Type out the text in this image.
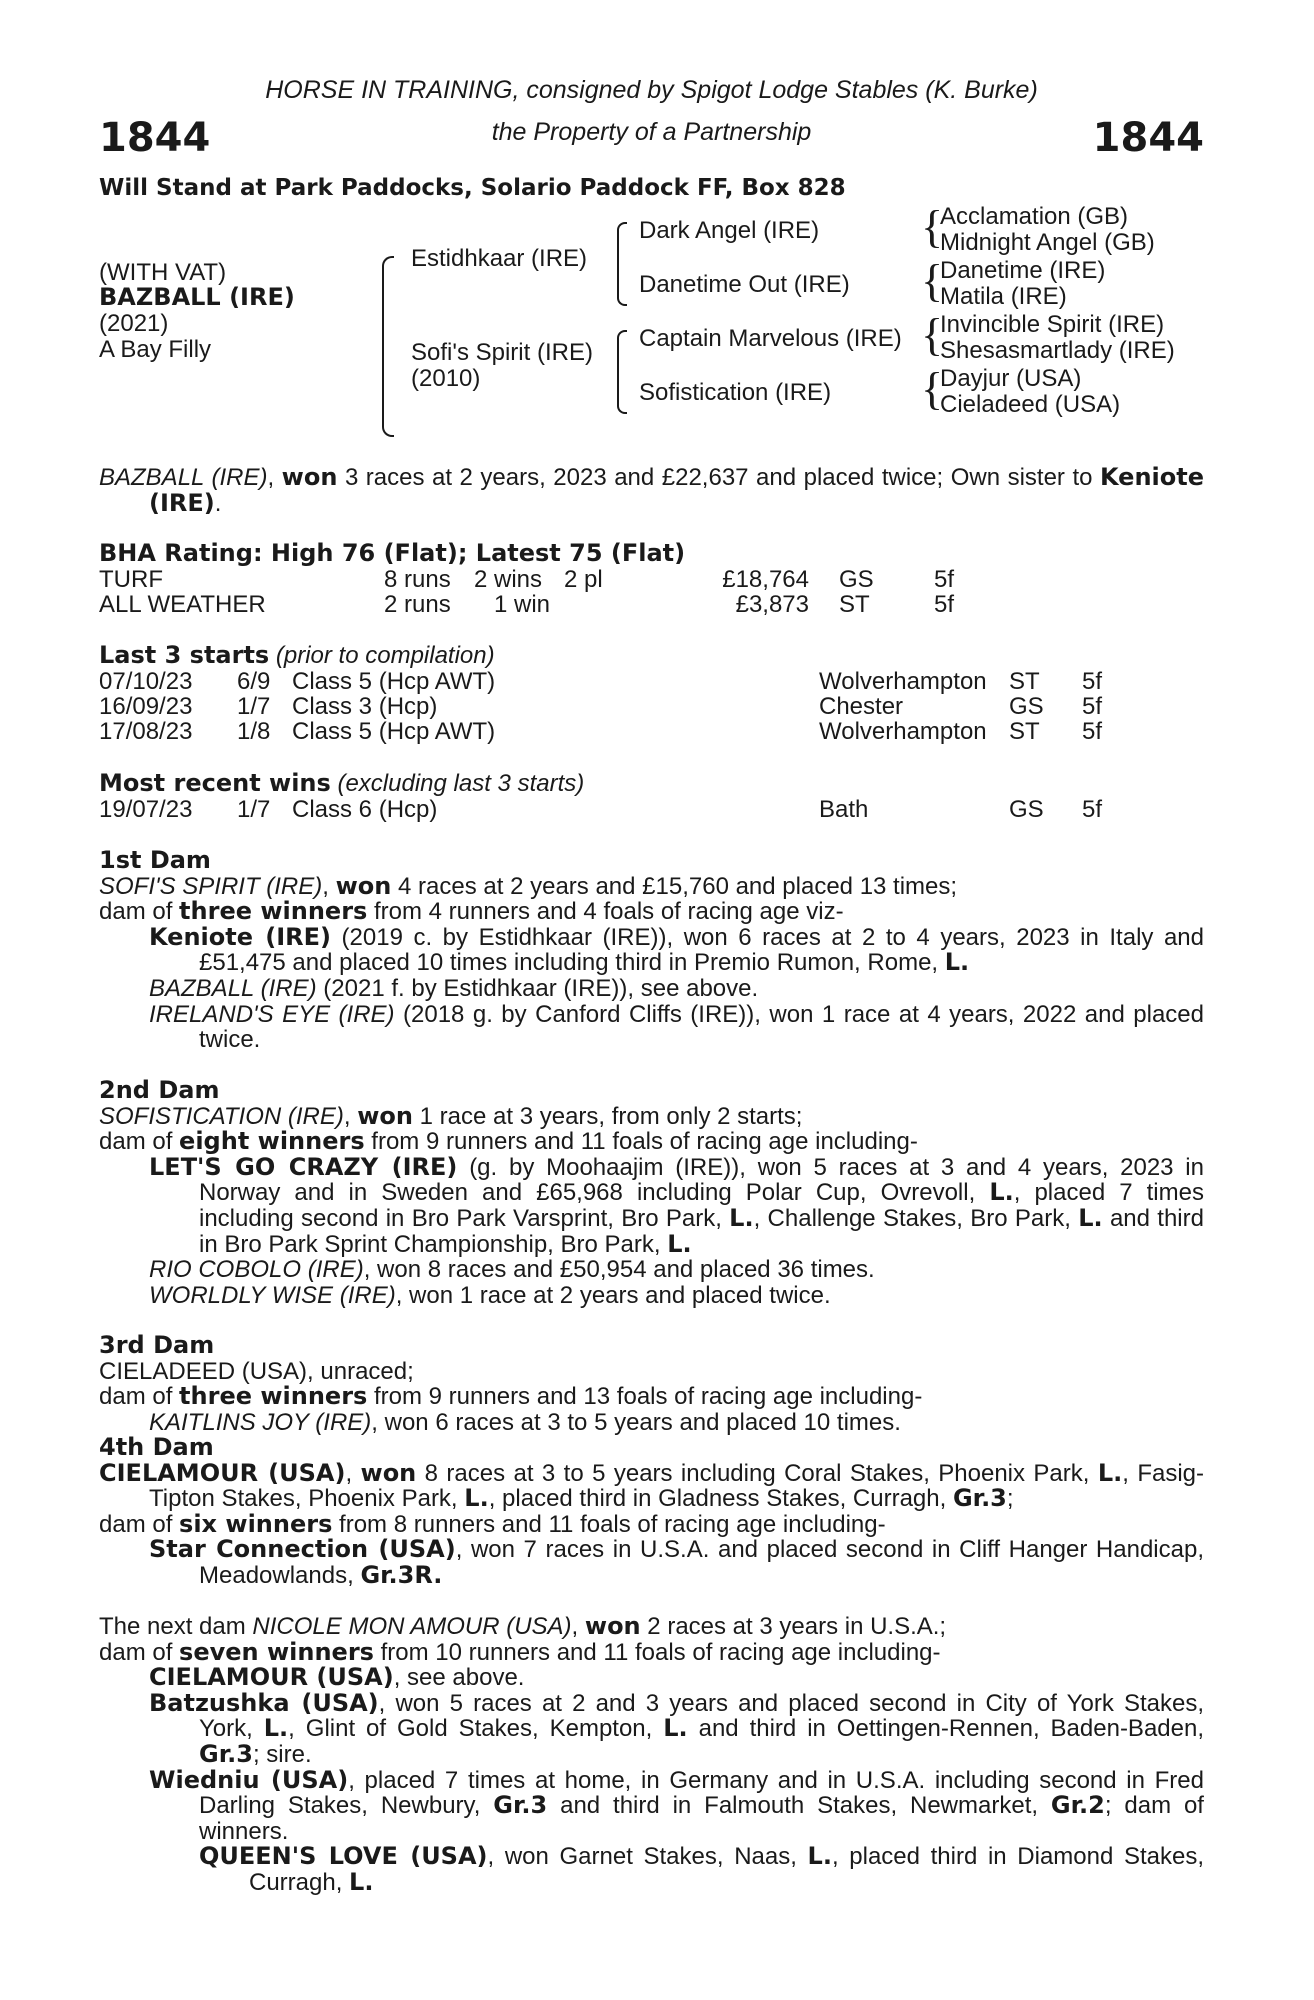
HORSE IN TRAINING, consigned by Spigot Lodge Stables (K. Burke)
the Property of a Partnership
1844	1844
Will Stand at Park Paddocks, Solario Paddock FF, Box 828
(WITH VAT)
BAZBALL (IRE)
(2021)
A Bay Filly
Estidhkaar (IRE)
Sofi's Spirit (IRE)
(2010)
Dark Angel (IRE)
Danetime Out (IRE)
Captain Marvelous (IRE)
Sofistication (IRE)
{
{
{
{
Acclamation (GB)
Midnight Angel (GB)
Danetime (IRE)
Matila (IRE)
Invincible Spirit (IRE)
Shesasmartlady (IRE)
Dayjur (USA)
Cieladeed (USA)
BAZBALL (IRE), won 3 races at 2 years, 2023 and £22,637 and placed twice; Own sister to Keniote (IRE).
BHA Rating: High 76 (Flat); Latest 75 (Flat)
TURF	8 runs 2 wins 2 pl	£18,764 GS	5f
ALL WEATHER	2 runs 1 win	£3,873 ST	5f
Last 3 starts (prior to compilation)
07/10/23 6/9 Class 5 (Hcp AWT)	Wolverhampton ST 5f
16/09/23 1/7 Class 3 (Hcp)	Chester	GS 5f
17/08/23 1/8 Class 5 (Hcp AWT)	Wolverhampton ST 5f
Most recent wins (excluding last 3 starts)
19/07/23 1/7 Class 6 (Hcp)	Bath	GS 5f
1st Dam
SOFI'S SPIRIT (IRE), won 4 races at 2 years and £15,760 and placed 13 times;
dam of three winners from 4 runners and 4 foals of racing age viz-
Keniote (IRE) (2019 c. by Estidhkaar (IRE)), won 6 races at 2 to 4 years, 2023 in Italy and £51,475 and placed 10 times including third in Premio Rumon, Rome, L.
BAZBALL (IRE) (2021 f. by Estidhkaar (IRE)), see above.
IRELAND'S EYE (IRE) (2018 g. by Canford Cliffs (IRE)), won 1 race at 4 years, 2022 and placed twice.
2nd Dam
SOFISTICATION (IRE), won 1 race at 3 years, from only 2 starts;
dam of eight winners from 9 runners and 11 foals of racing age including-
LET'S GO CRAZY (IRE) (g. by Moohaajim (IRE)), won 5 races at 3 and 4 years, 2023 in Norway and in Sweden and £65,968 including Polar Cup, Ovrevoll, L., placed 7 times including second in Bro Park Varsprint, Bro Park, L., Challenge Stakes, Bro Park, L. and third in Bro Park Sprint Championship, Bro Park, L.
RIO COBOLO (IRE), won 8 races and £50,954 and placed 36 times.
WORLDLY WISE (IRE), won 1 race at 2 years and placed twice.
3rd Dam
CIELADEED (USA), unraced;
dam of three winners from 9 runners and 13 foals of racing age including-
KAITLINS JOY (IRE), won 6 races at 3 to 5 years and placed 10 times.
4th Dam
CIELAMOUR (USA), won 8 races at 3 to 5 years including Coral Stakes, Phoenix Park, L., Fasig-Tipton Stakes, Phoenix Park, L., placed third in Gladness Stakes, Curragh, Gr.3;
dam of six winners from 8 runners and 11 foals of racing age including-
Star Connection (USA), won 7 races in U.S.A. and placed second in Cliff Hanger Handicap, Meadowlands, Gr.3R.
The next dam NICOLE MON AMOUR (USA), won 2 races at 3 years in U.S.A.;
dam of seven winners from 10 runners and 11 foals of racing age including-
CIELAMOUR (USA), see above.
Batzushka (USA), won 5 races at 2 and 3 years and placed second in City of York Stakes, York, L., Glint of Gold Stakes, Kempton, L. and third in Oettingen-Rennen, Baden-Baden, Gr.3; sire.
Wiedniu (USA), placed 7 times at home, in Germany and in U.S.A. including second in Fred Darling Stakes, Newbury, Gr.3 and third in Falmouth Stakes, Newmarket, Gr.2; dam of winners.
QUEEN'S LOVE (USA), won Garnet Stakes, Naas, L., placed third in Diamond Stakes, Curragh, L.
